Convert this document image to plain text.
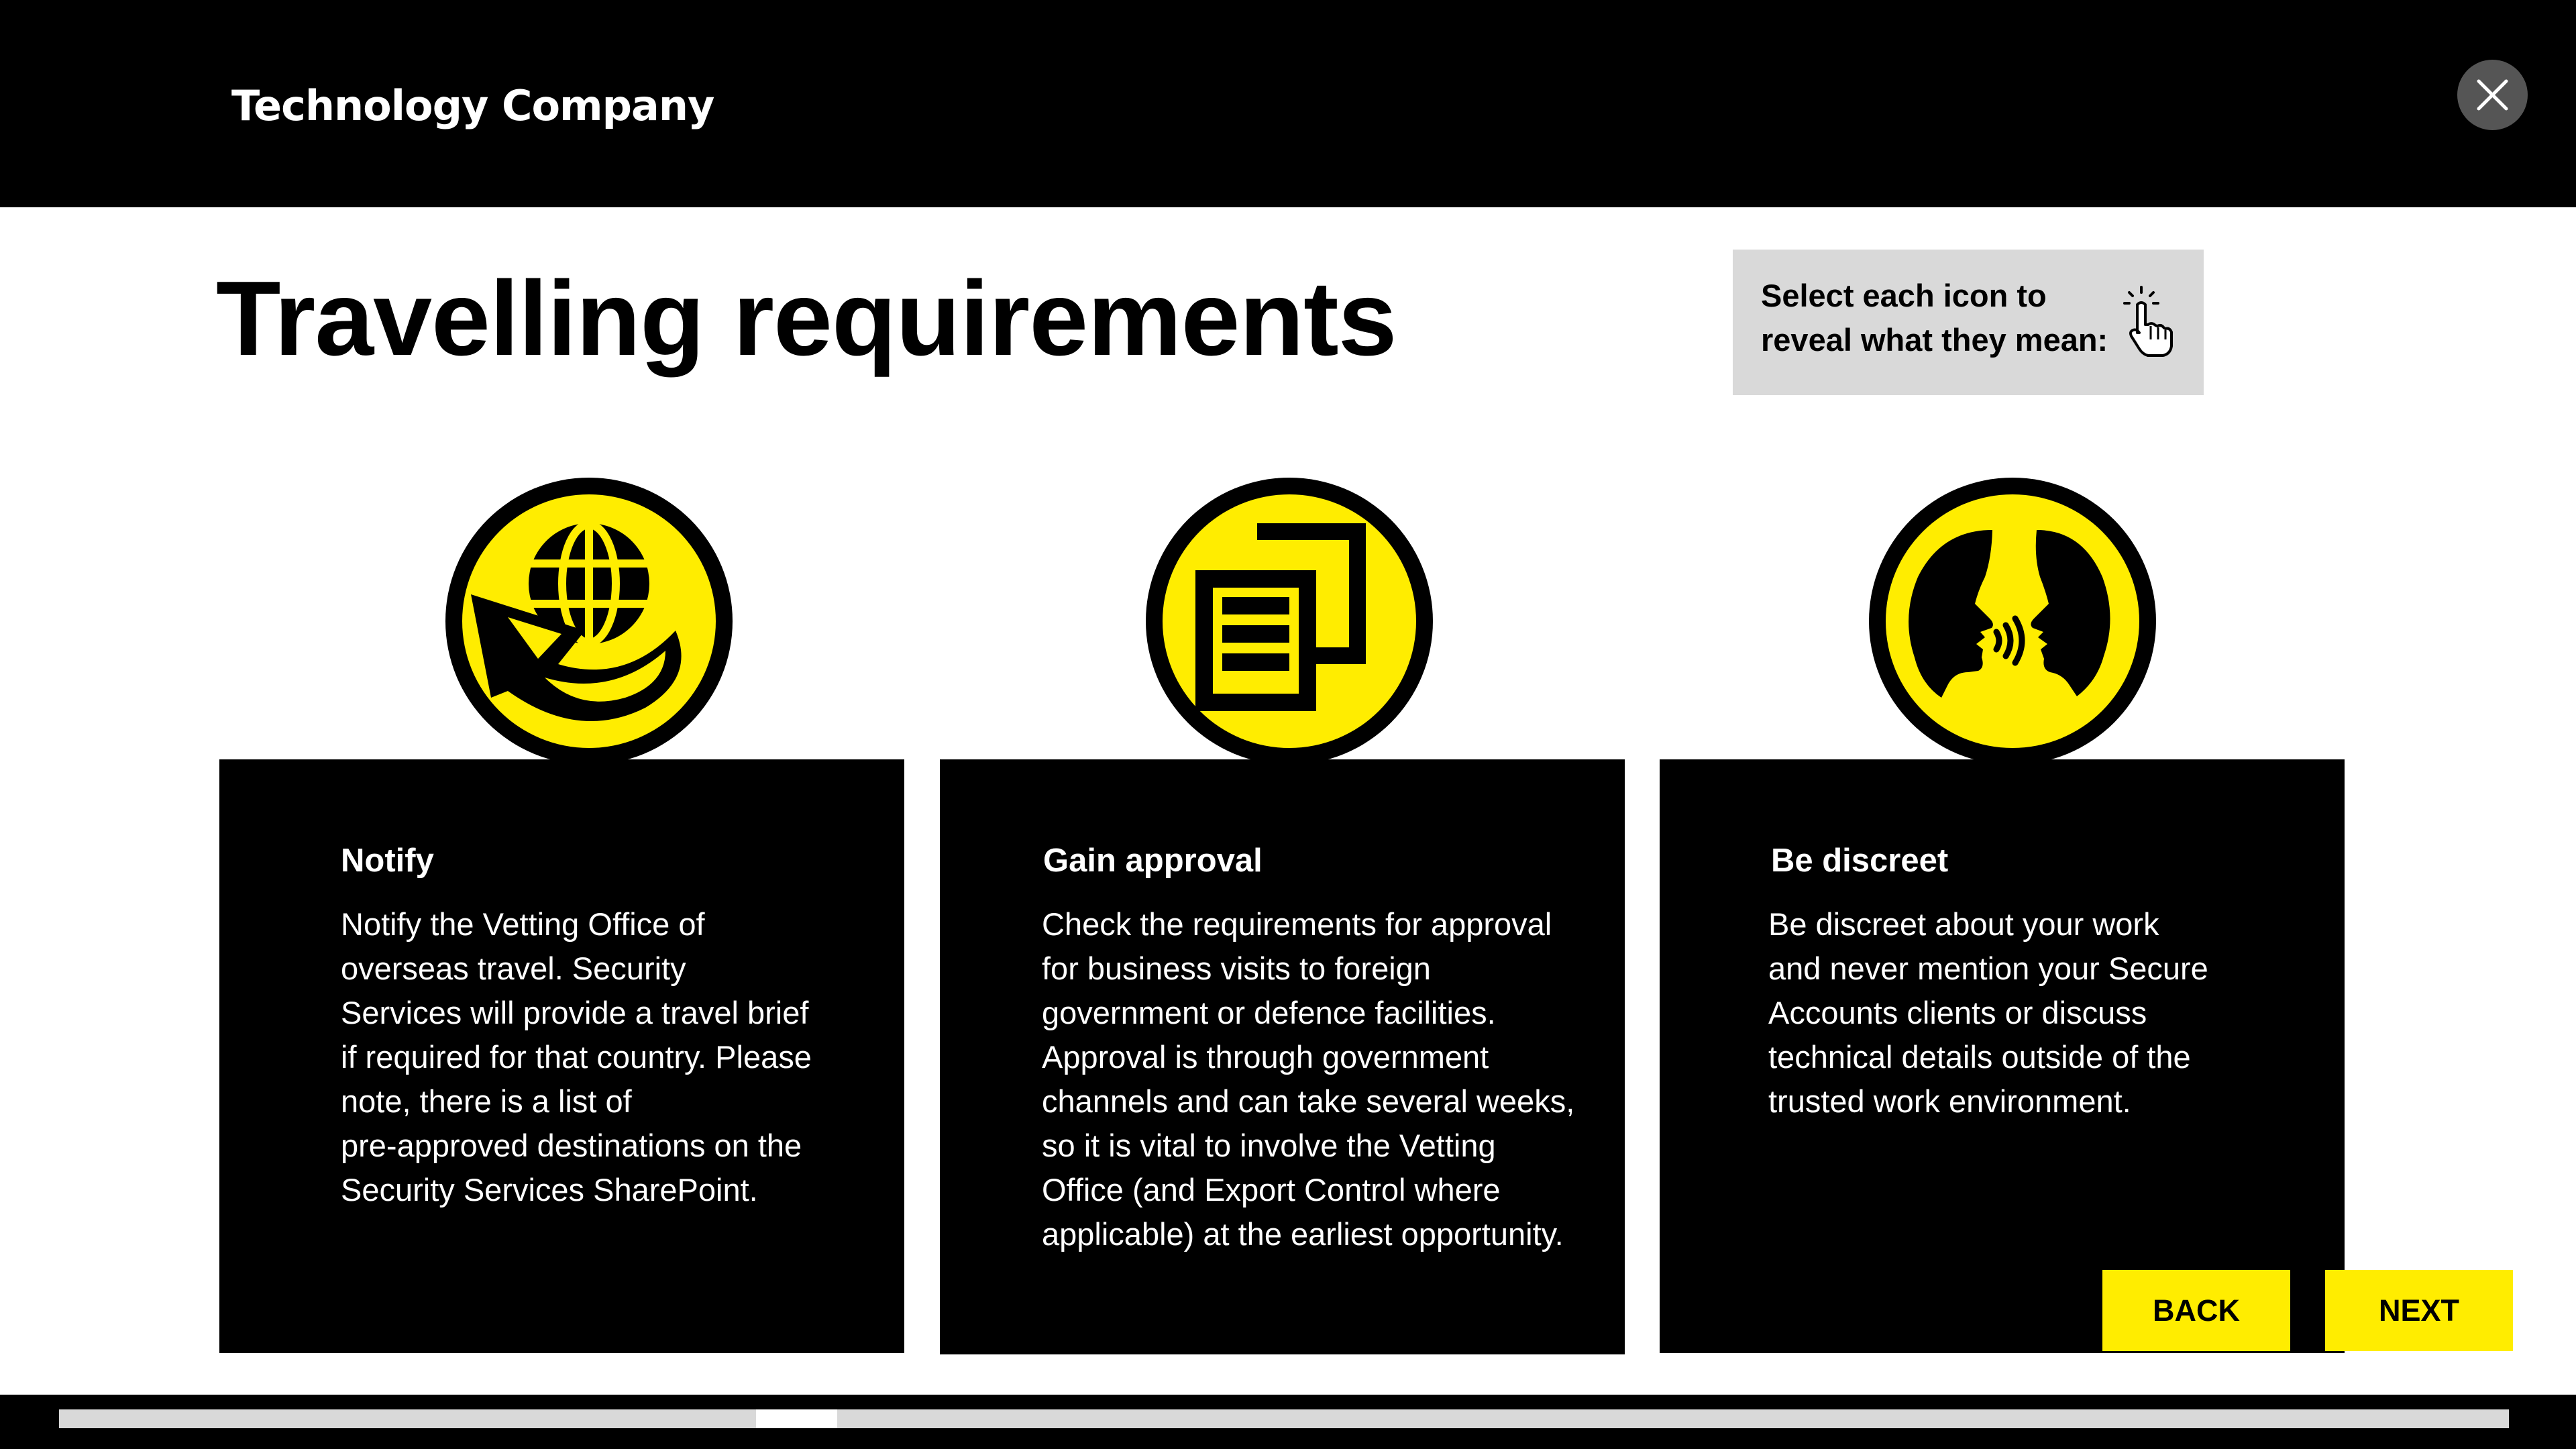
Technology Company
Travelling requirements	Select each icon to reveal what they mean:
Notify
Notify the Vetting Office of
overseas travel. Security
Services will provide a travel brief
if required for that country. Please
note, there is a list of
pre-approved destinations on the
Security Services SharePoint.
Gain approval
Check the requirements for approval
for business visits to foreign
government or defence facilities.
Approval is through government
channels and can take several weeks,
so it is vital to involve the Vetting
Office (and Export Control where
applicable) at the earliest opportunity.
Be discreet
Be discreet about your work
and never mention your Secure
Accounts clients or discuss
technical details outside of the
trusted work environment.
BACK	NEXT
